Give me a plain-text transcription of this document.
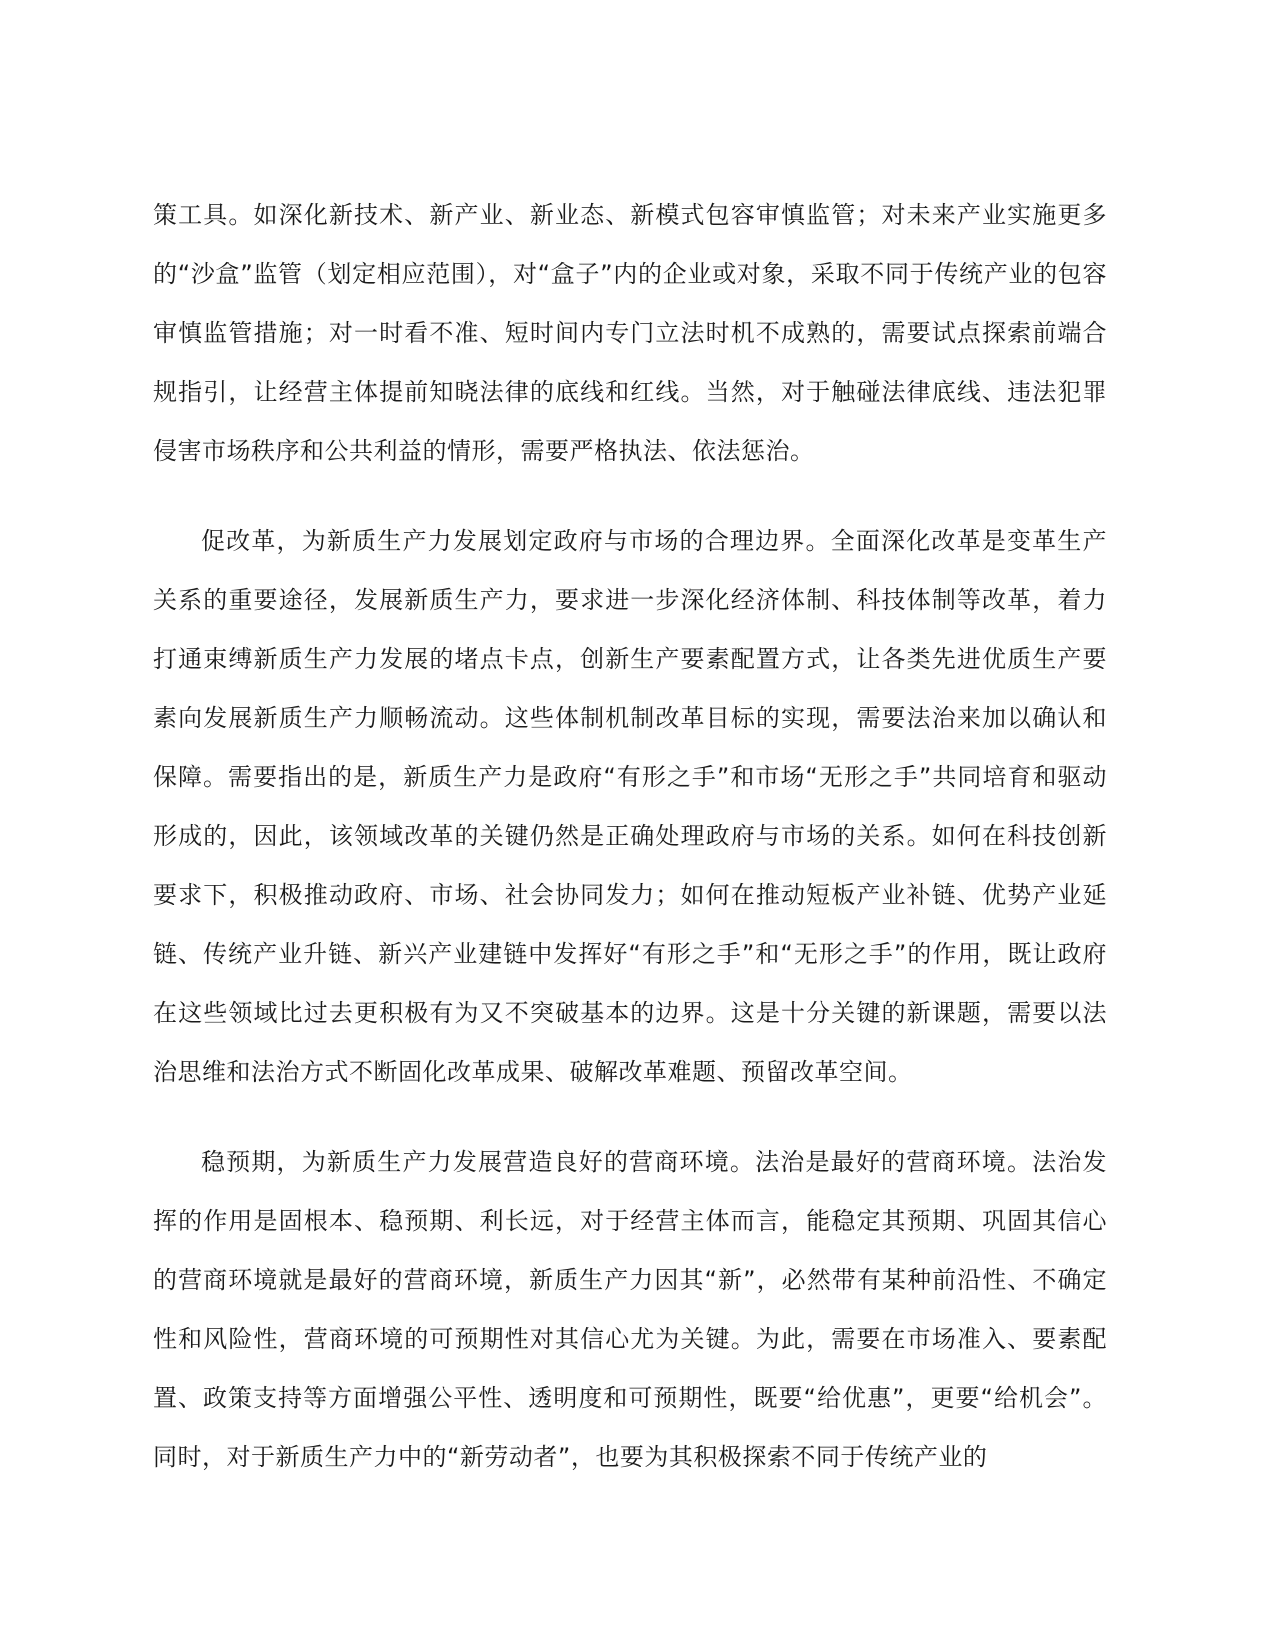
策工具。如深化新技术、新产业、新业态、新模式包容审慎监管；对未来产业实施更多的“沙盒”监管（划定相应范围），对“盒子”内的企业或对象，采取不同于传统产业的包容审慎监管措施；对一时看不准、短时间内专门立法时机不成熟的，需要试点探索前端合规指引，让经营主体提前知晓法律的底线和红线。当然，对于触碰法律底线、违法犯罪侵害市场秩序和公共利益的情形，需要严格执法、依法惩治。

促改革，为新质生产力发展划定政府与市场的合理边界。全面深化改革是变革生产关系的重要途径，发展新质生产力，要求进一步深化经济体制、科技体制等改革，着力打通束缚新质生产力发展的堵点卡点，创新生产要素配置方式，让各类先进优质生产要素向发展新质生产力顺畅流动。这些体制机制改革目标的实现，需要法治来加以确认和保障。需要指出的是，新质生产力是政府“有形之手”和市场“无形之手”共同培育和驱动形成的，因此，该领域改革的关键仍然是正确处理政府与市场的关系。如何在科技创新要求下，积极推动政府、市场、社会协同发力；如何在推动短板产业补链、优势产业延链、传统产业升链、新兴产业建链中发挥好“有形之手”和“无形之手”的作用，既让政府在这些领域比过去更积极有为又不突破基本的边界。这是十分关键的新课题，需要以法治思维和法治方式不断固化改革成果、破解改革难题、预留改革空间。

稳预期，为新质生产力发展营造良好的营商环境。法治是最好的营商环境。法治发挥的作用是固根本、稳预期、利长远，对于经营主体而言，能稳定其预期、巩固其信心的营商环境就是最好的营商环境，新质生产力因其“新”，必然带有某种前沿性、不确定性和风险性，营商环境的可预期性对其信心尤为关键。为此，需要在市场准入、要素配置、政策支持等方面增强公平性、透明度和可预期性，既要“给优惠”，更要“给机会”。同时，对于新质生产力中的“新劳动者”，也要为其积极探索不同于传统产业的
